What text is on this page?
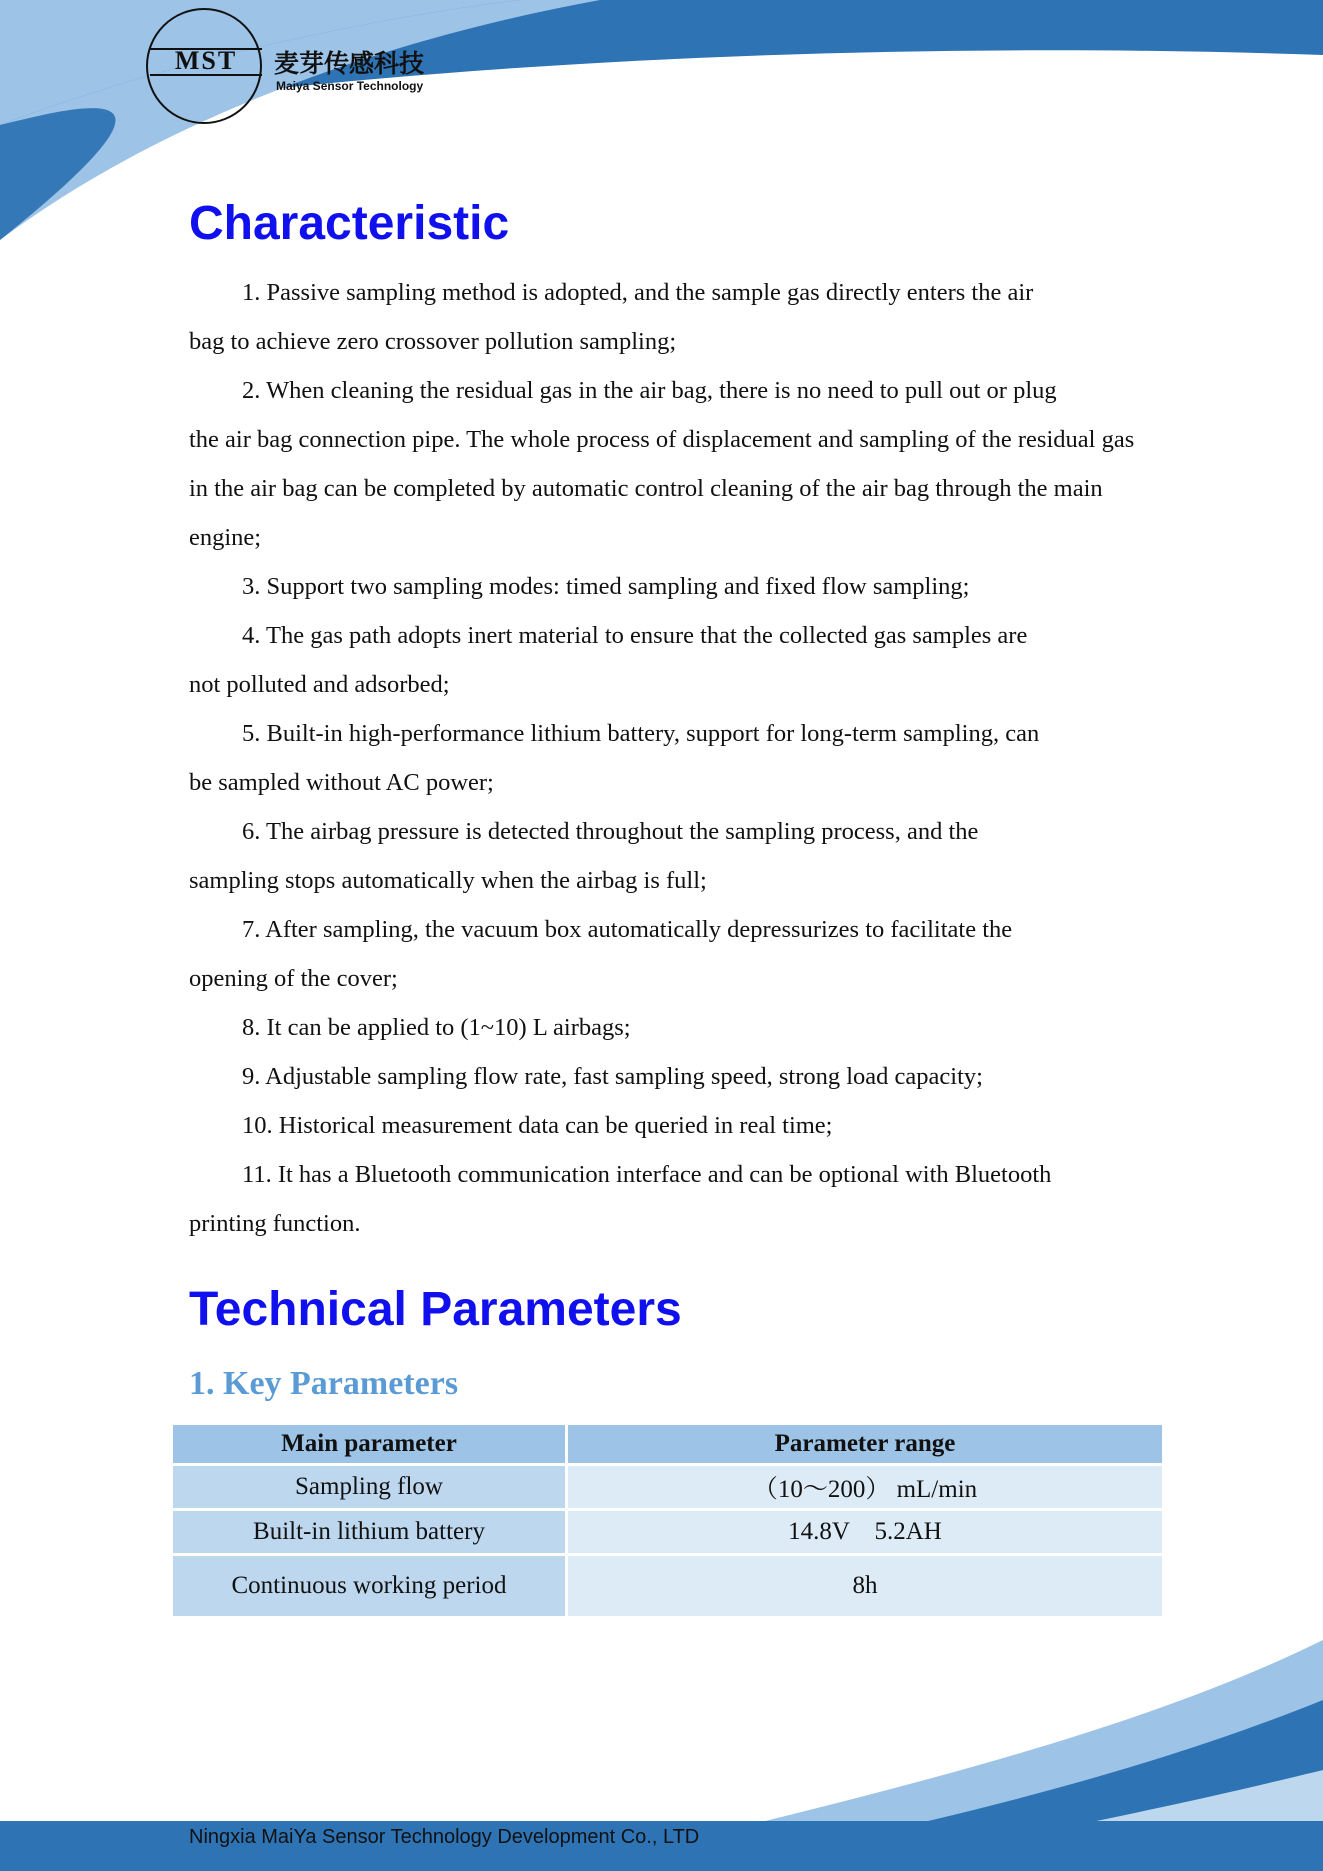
MST	麦芽传感科技
Maiya Sensor Technology
Characteristic
1. Passive sampling method is adopted, and the sample gas directly enters the air
bag to achieve zero crossover pollution sampling;
2. When cleaning the residual gas in the air bag, there is no need to pull out or plug
the air bag connection pipe. The whole process of displacement and sampling of the residual gas in the air bag can be completed by automatic control cleaning of the air bag through the main engine;
3. Support two sampling modes: timed sampling and fixed flow sampling;
4. The gas path adopts inert material to ensure that the collected gas samples are
not polluted and adsorbed;
5. Built-in high-performance lithium battery, support for long-term sampling, can
be sampled without AC power;
6. The airbag pressure is detected throughout the sampling process, and the
sampling stops automatically when the airbag is full;
7. After sampling, the vacuum box automatically depressurizes to facilitate the
opening of the cover;
8. It can be applied to (1~10) L airbags;
9. Adjustable sampling flow rate, fast sampling speed, strong load capacity;
10. Historical measurement data can be queried in real time;
11. It has a Bluetooth communication interface and can be optional with Bluetooth
printing function.
Technical Parameters
1. Key Parameters
Main parameter	Parameter range
Sampling flow	（10～200） mL/min
Built-in lithium battery	14.8V    5.2AH
Continuous working period	8h
Ningxia MaiYa Sensor Technology Development Co., LTD
